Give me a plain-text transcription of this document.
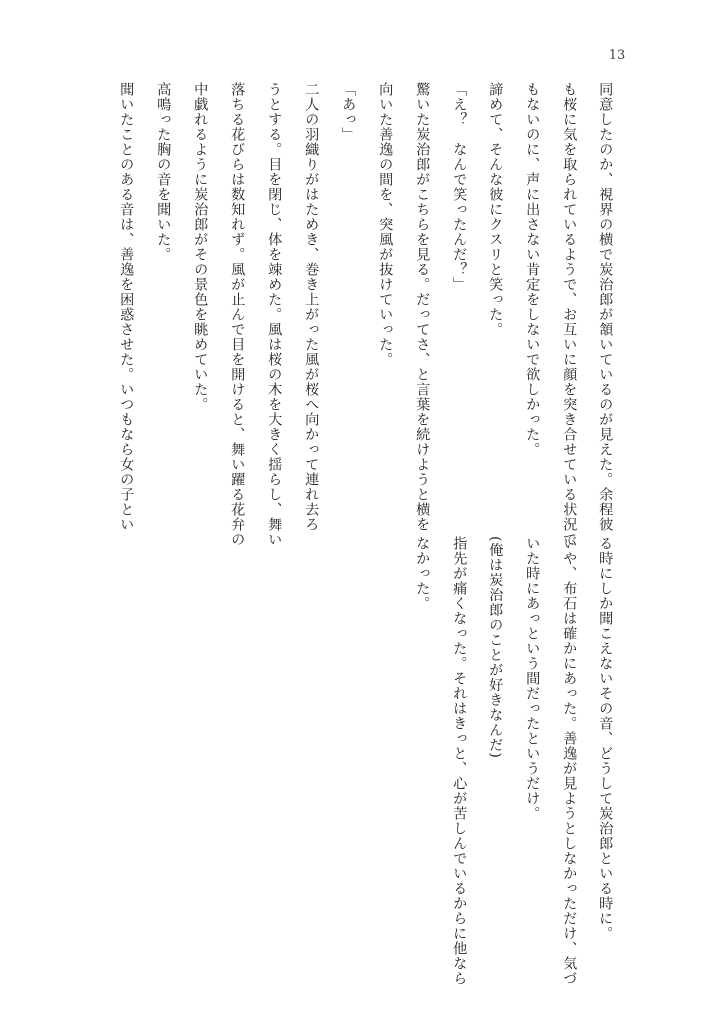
13
同意したのか、視界の横で炭治郎が頷いているのが見えた。余程彼
も桜に気を取られているようで、お互いに顔を突き合せている状況で
もないのに、声に出さない肯定をしないで欲しかった。
諦めて、そんな彼にクスリと笑った。
「え？　なんで笑ったんだ？」
驚いた炭治郎がこちらを見る。だってさ、と言葉を続けようと横を
向いた善逸の間を、突風が抜けていった。
「あっ」
二人の羽織りがはためき、巻き上がった風が桜へ向かって連れ去ろ
うとする。目を閉じ、体を竦めた。風は桜の木を大きく揺らし、舞い
落ちる花びらは数知れず。風が止んで目を開けると、舞い躍る花弁の
中戯れるように炭治郎がその景色を眺めていた。
高鳴った胸の音を聞いた。
聞いたことのある音は、善逸を困惑させた。いつもなら女の子とい
る時にしか聞こえないその音、どうして炭治郎といる時に。
いや、布石は確かにあった。善逸が見ようとしなかっただけ、気づ
いた時にあっという間だったというだけ。
(俺は炭治郎のことが好きなんだ)
指先が痛くなった。それはきっと、心が苦しんでいるからに他なら
なかった。
